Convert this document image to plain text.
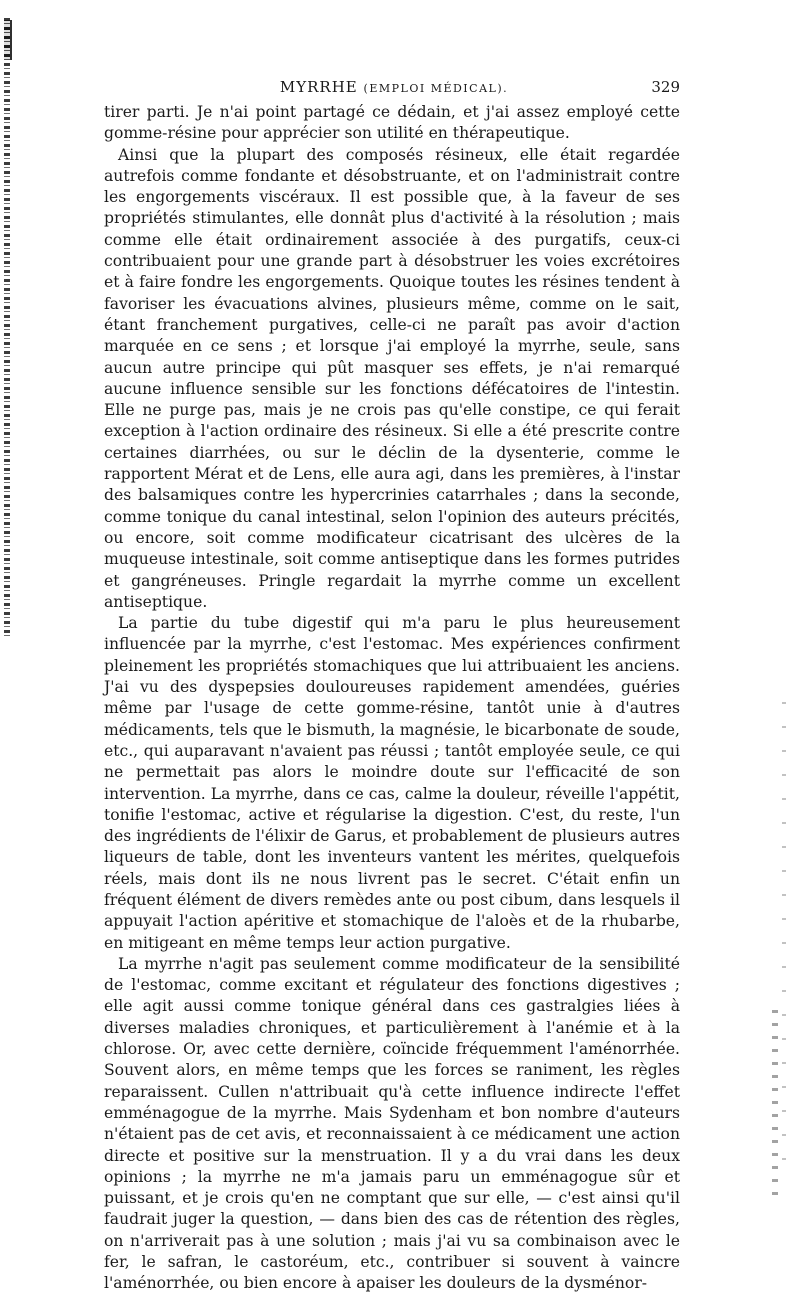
MYRRHE (EMPLOI MÉDICAL).	329

tirer parti. Je n'ai point partagé ce dédain, et j'ai assez employé cette gomme-résine pour apprécier son utilité en thérapeutique.

Ainsi que la plupart des composés résineux, elle était regardée autrefois comme fondante et désobstruante, et on l'administrait contre les engorgements viscéraux. Il est possible que, à la faveur de ses propriétés stimulantes, elle donnât plus d'activité à la résolution ; mais comme elle était ordinairement associée à des purgatifs, ceux-ci contribuaient pour une grande part à désobstruer les voies excrétoires et à faire fondre les engorgements. Quoique toutes les résines tendent à favoriser les évacuations alvines, plusieurs même, comme on le sait, étant franchement purgatives, celle-ci ne paraît pas avoir d'action marquée en ce sens ; et lorsque j'ai employé la myrrhe, seule, sans aucun autre principe qui pût masquer ses effets, je n'ai remarqué aucune influence sensible sur les fonctions défécatoires de l'intestin. Elle ne purge pas, mais je ne crois pas qu'elle constipe, ce qui ferait exception à l'action ordinaire des résineux. Si elle a été prescrite contre certaines diarrhées, ou sur le déclin de la dysenterie, comme le rapportent Mérat et de Lens, elle aura agi, dans les premières, à l'instar des balsamiques contre les hypercrinies catarrhales ; dans la seconde, comme tonique du canal intestinal, selon l'opinion des auteurs précités, ou encore, soit comme modificateur cicatrisant des ulcères de la muqueuse intestinale, soit comme antiseptique dans les formes putrides et gangréneuses. Pringle regardait la myrrhe comme un excellent antiseptique.

La partie du tube digestif qui m'a paru le plus heureusement influencée par la myrrhe, c'est l'estomac. Mes expériences confirment pleinement les propriétés stomachiques que lui attribuaient les anciens. J'ai vu des dyspepsies douloureuses rapidement amendées, guéries même par l'usage de cette gomme-résine, tantôt unie à d'autres médicaments, tels que le bismuth, la magnésie, le bicarbonate de soude, etc., qui auparavant n'avaient pas réussi ; tantôt employée seule, ce qui ne permettait pas alors le moindre doute sur l'efficacité de son intervention. La myrrhe, dans ce cas, calme la douleur, réveille l'appétit, tonifie l'estomac, active et régularise la digestion. C'est, du reste, l'un des ingrédients de l'élixir de Garus, et probablement de plusieurs autres liqueurs de table, dont les inventeurs vantent les mérites, quelquefois réels, mais dont ils ne nous livrent pas le secret. C'était enfin un fréquent élément de divers remèdes ante ou post cibum, dans lesquels il appuyait l'action apéritive et stomachique de l'aloès et de la rhubarbe, en mitigeant en même temps leur action purgative.

La myrrhe n'agit pas seulement comme modificateur de la sensibilité de l'estomac, comme excitant et régulateur des fonctions digestives ; elle agit aussi comme tonique général dans ces gastralgies liées à diverses maladies chroniques, et particulièrement à l'anémie et à la chlorose. Or, avec cette dernière, coïncide fréquemment l'aménorrhée. Souvent alors, en même temps que les forces se raniment, les règles reparaissent. Cullen n'attribuait qu'à cette influence indirecte l'effet emménagogue de la myrrhe. Mais Sydenham et bon nombre d'auteurs n'étaient pas de cet avis, et reconnaissaient à ce médicament une action directe et positive sur la menstruation. Il y a du vrai dans les deux opinions ; la myrrhe ne m'a jamais paru un emménagogue sûr et puissant, et je crois qu'en ne comptant que sur elle, — c'est ainsi qu'il faudrait juger la question, — dans bien des cas de rétention des règles, on n'arriverait pas à une solution ; mais j'ai vu sa combinaison avec le fer, le safran, le castoréum, etc., contribuer si souvent à vaincre l'aménorrhée, ou bien encore à apaiser les douleurs de la dysménor-
